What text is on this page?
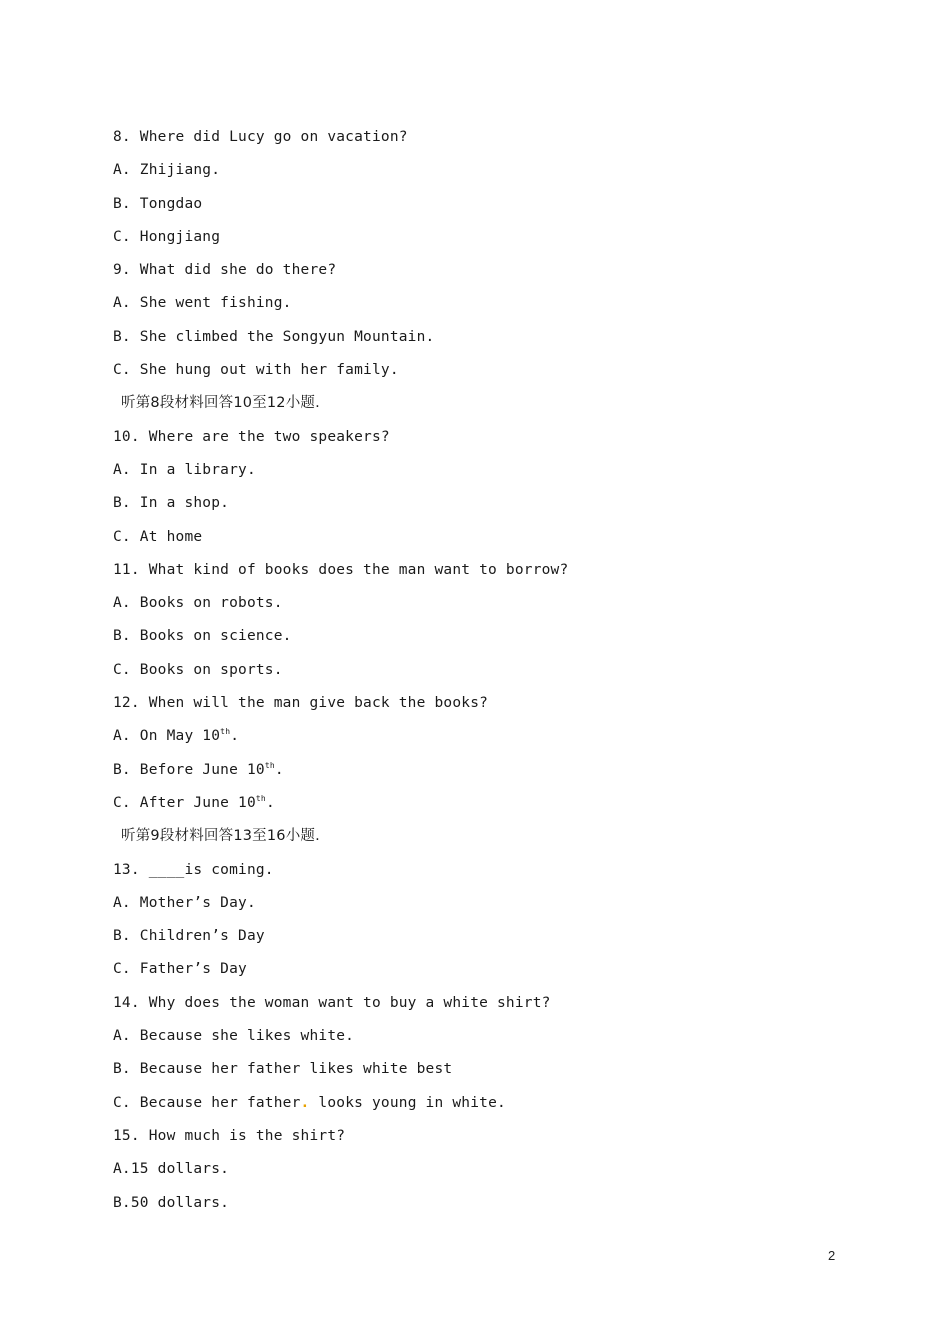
8. Where did Lucy go on vacation?
A. Zhijiang.
B. Tongdao
C. Hongjiang
9. What did she do there?
A. She went fishing.
B. She climbed the Songyun Mountain.
C. She hung out with her family.
听第8段材料回答10至12小题.
10. Where are the two speakers?
A. In a library.
B. In a shop.
C. At home
11. What kind of books does the man want to borrow?
A. Books on robots.
B. Books on science.
C. Books on sports.
12. When will the man give back the books?
A. On May 10th.
B. Before June 10th.
C. After June 10th.
听第9段材料回答13至16小题.
13. ____is coming.
A. Mother’s Day.
B. Children’s Day
C. Father’s Day
14. Why does the woman want to buy a white shirt?
A. Because she likes white.
B. Because her father likes white best
C. Because her father. looks young in white.
15. How much is the shirt?
A.15 dollars.
B.50 dollars.
2
